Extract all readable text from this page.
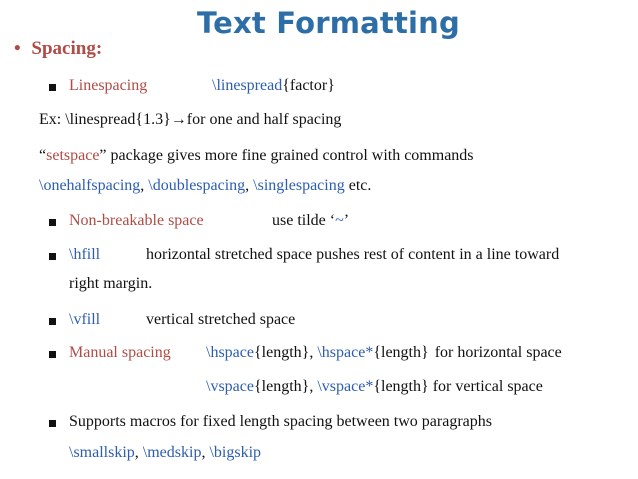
Text Formatting
• Spacing:
Linespacing	\linespread{factor}
Ex: \linespread{1.3}→for one and half spacing
“setspace” package gives more fine grained control with commands
\onehalfspacing, \doublespacing, \singlespacing etc.
Non-breakable space	use tilde ‘~’
\hfill	horizontal stretched space pushes rest of content in a line toward
right margin.
\vfill	vertical stretched space
Manual spacing \hspace{length}, \hspace*{length} for horizontal space
\vspace{length}, \vspace*{length} for vertical space
Supports macros for fixed length spacing between two paragraphs
\smallskip, \medskip, \bigskip
